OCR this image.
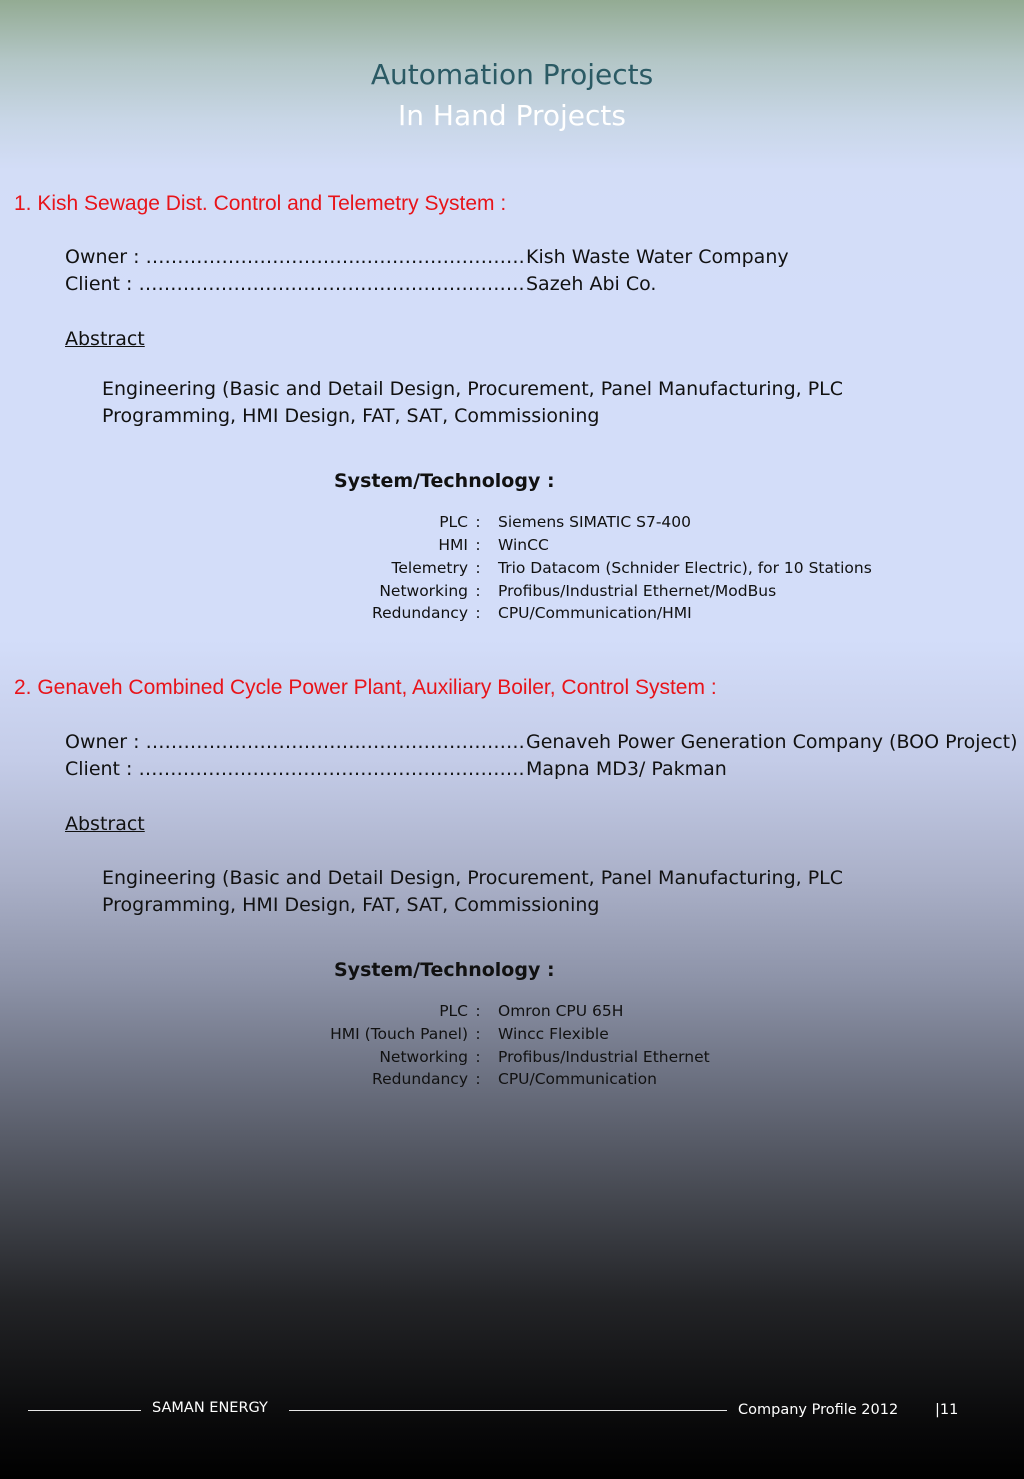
Automation Projects
In Hand Projects
1. Kish Sewage Dist. Control and Telemetry System :
Owner : ……………………………..……………………. Kish Waste Water Company
Client : ……………………………………………………. Sazeh Abi Co.
Abstract
Engineering (Basic and Detail Design, Procurement, Panel Manufacturing, PLC Programming, HMI Design, FAT, SAT, Commissioning
System/Technology :
PLC :	Siemens SIMATIC S7-400
HMI :	WinCC
Telemetry :	Trio Datacom (Schnider Electric), for 10 Stations
Networking :	Profibus/Industrial Ethernet/ModBus
Redundancy :	CPU/Communication/HMI
2. Genaveh Combined Cycle Power Plant, Auxiliary Boiler, Control System :
Owner : ……………………………..……………………. Genaveh Power Generation Company (BOO Project)
Client : ……………………………………………………. Mapna MD3/ Pakman
Abstract
Engineering (Basic and Detail Design, Procurement, Panel Manufacturing, PLC Programming, HMI Design, FAT, SAT, Commissioning
System/Technology :
PLC :	Omron CPU 65H
HMI (Touch Panel) :	Wincc Flexible
Networking :	Profibus/Industrial Ethernet
Redundancy :	CPU/Communication
SAMAN ENERGY	Company Profile 2012	|11
